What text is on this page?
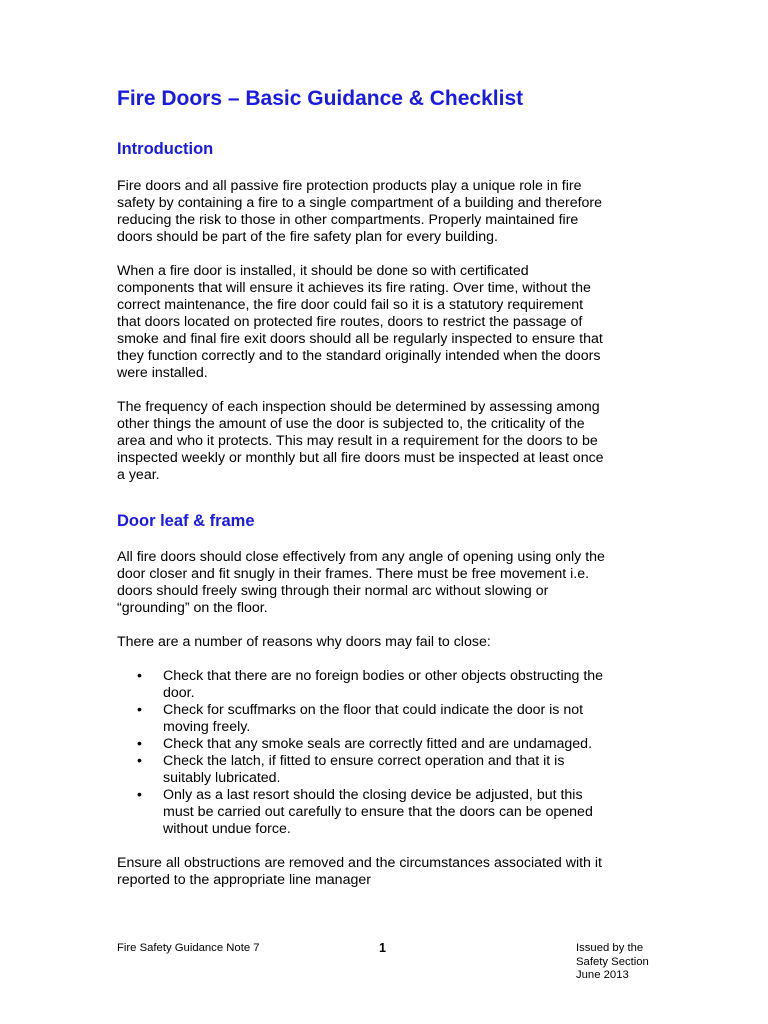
Fire Doors – Basic Guidance & Checklist
Introduction

Fire doors and all passive fire protection products play a unique role in fire
safety by containing a fire to a single compartment of a building and therefore
reducing the risk to those in other compartments. Properly maintained fire
doors should be part of the fire safety plan for every building.

When a fire door is installed, it should be done so with certificated
components that will ensure it achieves its fire rating. Over time, without the
correct maintenance, the fire door could fail so it is a statutory requirement
that doors located on protected fire routes, doors to restrict the passage of
smoke and final fire exit doors should all be regularly inspected to ensure that
they function correctly and to the standard originally intended when the doors
were installed.

The frequency of each inspection should be determined by assessing among
other things the amount of use the door is subjected to, the criticality of the
area and who it protects. This may result in a requirement for the doors to be
inspected weekly or monthly but all fire doors must be inspected at least once
a year.

Door leaf & frame

All fire doors should close effectively from any angle of opening using only the
door closer and fit snugly in their frames. There must be free movement i.e.
doors should freely swing through their normal arc without slowing or
“grounding” on the floor.

There are a number of reasons why doors may fail to close:

• Check that there are no foreign bodies or other objects obstructing the
door.
• Check for scuffmarks on the floor that could indicate the door is not
moving freely.
• Check that any smoke seals are correctly fitted and are undamaged.
• Check the latch, if fitted to ensure correct operation and that it is
suitably lubricated.
• Only as a last resort should the closing device be adjusted, but this
must be carried out carefully to ensure that the doors can be opened
without undue force.

Ensure all obstructions are removed and the circumstances associated with it
reported to the appropriate line manager

Fire Safety Guidance Note 7	1	Issued by the
Safety Section
June 2013
